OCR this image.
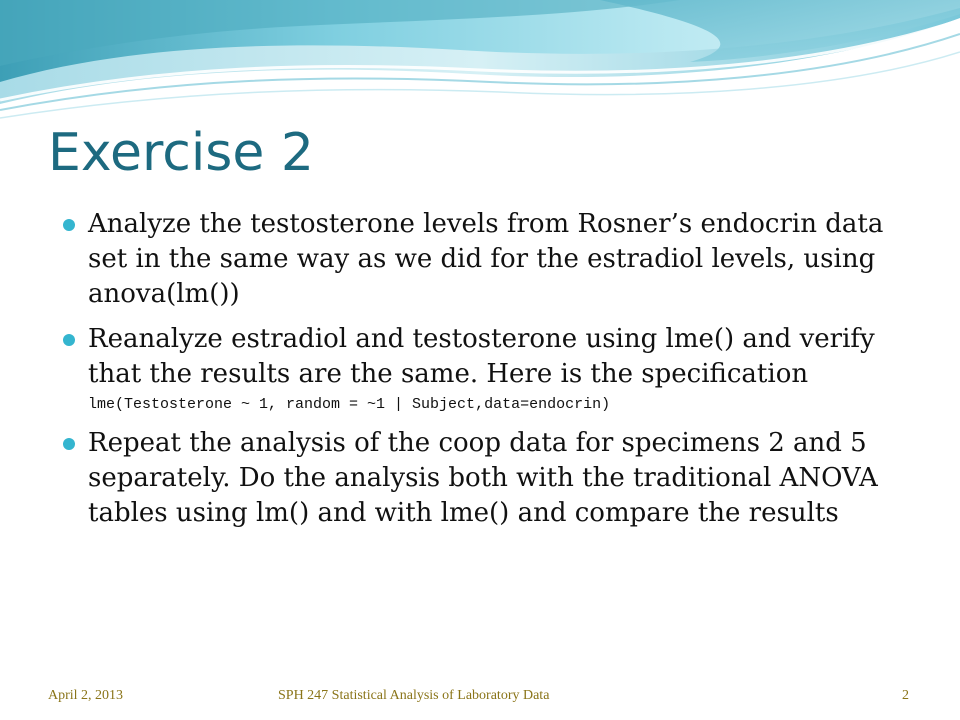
Exercise 2
Analyze the testosterone levels from Rosner’s endocrin data set in the same way as we did for the estradiol levels, using anova(lm())
Reanalyze estradiol and testosterone using lme() and verify that the results are the same. Here is the specification
lme(Testosterone ~ 1, random = ~1 | Subject,data=endocrin)
Repeat the analysis of the coop data for specimens 2 and 5 separately. Do the analysis both with the traditional ANOVA tables using lm() and with lme() and compare the results
April 2, 2013	SPH 247 Statistical Analysis of Laboratory Data	2
